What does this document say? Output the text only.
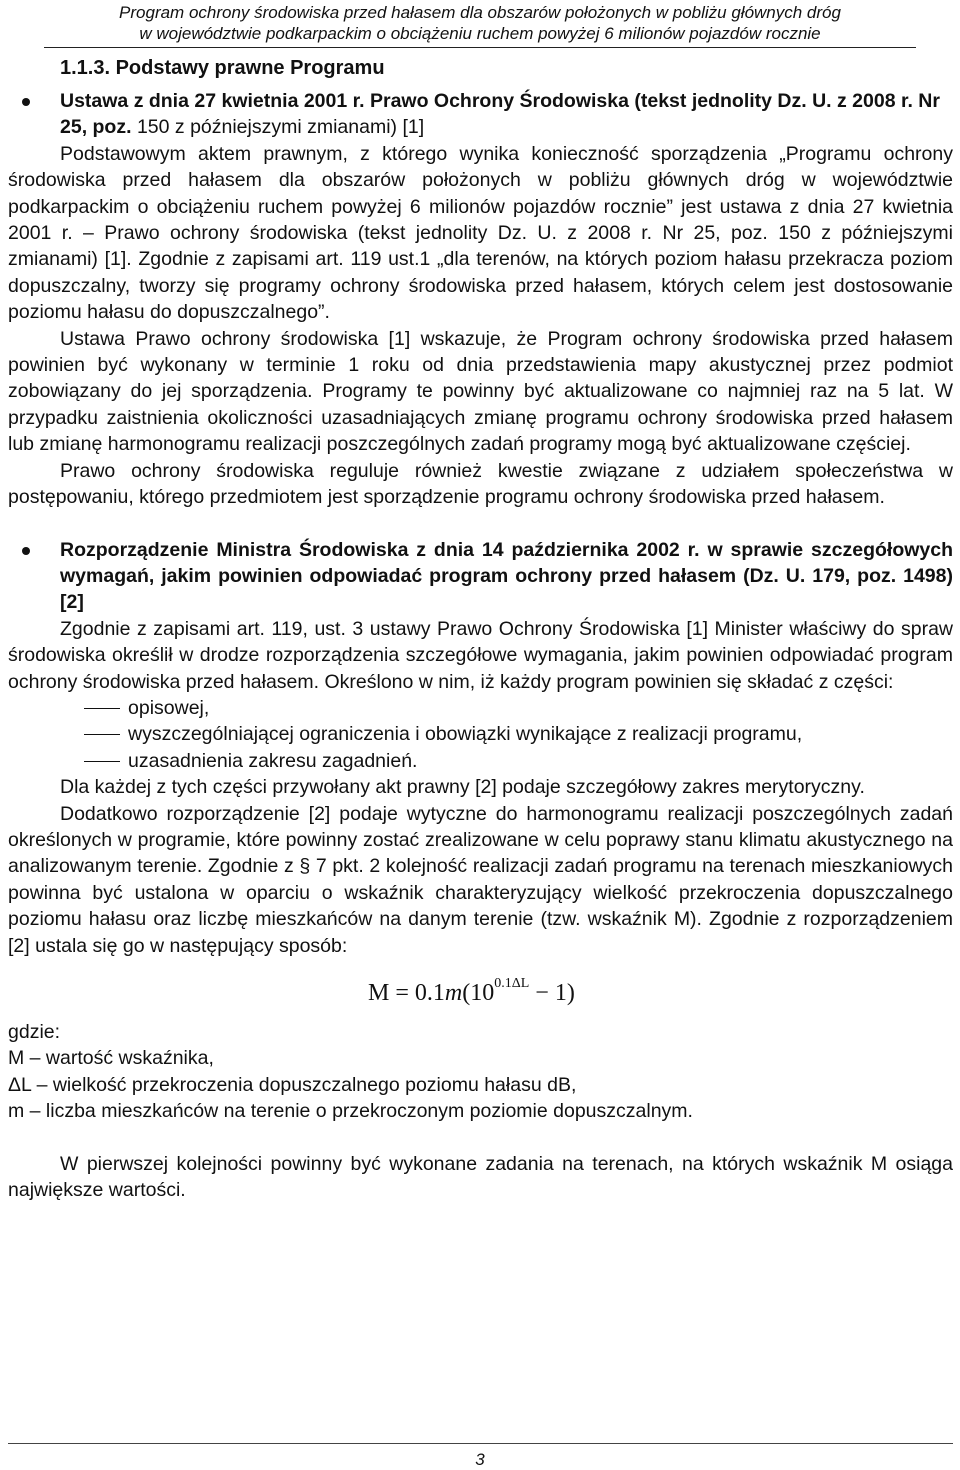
Program ochrony środowiska przed hałasem dla obszarów położonych w pobliżu głównych dróg
w województwie podkarpackim o obciążeniu ruchem powyżej 6 milionów pojazdów rocznie
1.1.3. Podstawy prawne Programu

Ustawa z dnia 27 kwietnia 2001 r. Prawo Ochrony Środowiska (tekst jednolity Dz. U. z 2008 r. Nr 25, poz. 150 z późniejszymi zmianami) [1]

Podstawowym aktem prawnym, z którego wynika konieczność sporządzenia „Programu ochrony środowiska przed hałasem dla obszarów położonych w pobliżu głównych dróg w województwie podkarpackim o obciążeniu ruchem powyżej 6 milionów pojazdów rocznie” jest ustawa z dnia 27 kwietnia 2001 r. – Prawo ochrony środowiska (tekst jednolity Dz. U. z 2008 r. Nr 25, poz. 150 z późniejszymi zmianami) [1]. Zgodnie z zapisami art. 119 ust.1 „dla terenów, na których poziom hałasu przekracza poziom dopuszczalny, tworzy się programy ochrony środowiska przed hałasem, których celem jest dostosowanie poziomu hałasu do dopuszczalnego”.

Ustawa Prawo ochrony środowiska [1] wskazuje, że Program ochrony środowiska przed hałasem powinien być wykonany w terminie 1 roku od dnia przedstawienia mapy akustycznej przez podmiot zobowiązany do jej sporządzenia. Programy te powinny być aktualizowane co najmniej raz na 5 lat. W przypadku zaistnienia okoliczności uzasadniających zmianę programu ochrony środowiska przed hałasem lub zmianę harmonogramu realizacji poszczególnych zadań programy mogą być aktualizowane częściej.

Prawo ochrony środowiska reguluje również kwestie związane z udziałem społeczeństwa w postępowaniu, którego przedmiotem jest sporządzenie programu ochrony środowiska przed hałasem.

Rozporządzenie Ministra Środowiska z dnia 14 października 2002 r. w sprawie szczegółowych wymagań, jakim powinien odpowiadać program ochrony przed hałasem (Dz. U. 179, poz. 1498) [2]

Zgodnie z zapisami art. 119, ust. 3 ustawy Prawo Ochrony Środowiska [1] Minister właściwy do spraw środowiska określił w drodze rozporządzenia szczegółowe wymagania, jakim powinien odpowiadać program ochrony środowiska przed hałasem. Określono w nim, iż każdy program powinien się składać z części:

opisowej,
wyszczególniającej ograniczenia i obowiązki wynikające z realizacji programu,
uzasadnienia zakresu zagadnień.

Dla każdej z tych części przywołany akt prawny [2] podaje szczegółowy zakres merytoryczny.

Dodatkowo rozporządzenie [2] podaje wytyczne do harmonogramu realizacji poszczególnych zadań określonych w programie, które powinny zostać zrealizowane w celu poprawy stanu klimatu akustycznego na analizowanym terenie. Zgodnie z § 7 pkt. 2 kolejność realizacji zadań programu na terenach mieszkaniowych powinna być ustalona w oparciu o wskaźnik charakteryzujący wielkość przekroczenia dopuszczalnego poziomu hałasu oraz liczbę mieszkańców na danym terenie (tzw. wskaźnik M). Zgodnie z rozporządzeniem [2] ustala się go w następujący sposób:

$M = 0.1m(10^{0.1\Delta L} - 1)$

gdzie:

M – wartość wskaźnika,

ΔL – wielkość przekroczenia dopuszczalnego poziomu hałasu dB,

m – liczba mieszkańców na terenie o przekroczonym poziomie dopuszczalnym.

W pierwszej kolejności powinny być wykonane zadania na terenach, na których wskaźnik M osiąga największe wartości.

3
